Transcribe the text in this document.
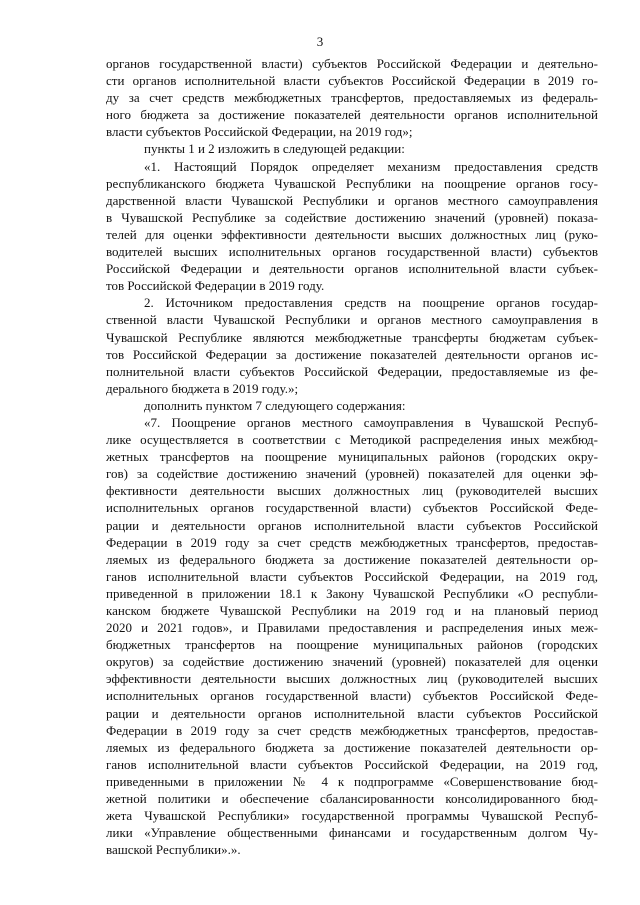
3
органов государственной власти) субъектов Российской Федерации и деятельно-
сти органов исполнительной власти субъектов Российской Федерации в 2019 го-
ду за счет средств межбюджетных трансфертов, предоставляемых из федераль-
ного бюджета за достижение показателей деятельности органов исполнительной
власти субъектов Российской Федерации, на 2019 год»;
пункты 1 и 2 изложить в следующей редакции:
«1. Настоящий Порядок определяет механизм предоставления средств
республиканского бюджета Чувашской Республики на поощрение органов госу-
дарственной власти Чувашской Республики и органов местного самоуправления
в Чувашской Республике за содействие достижению значений (уровней) показа-
телей для оценки эффективности деятельности высших должностных лиц (руко-
водителей высших исполнительных органов государственной власти) субъектов
Российской Федерации и деятельности органов исполнительной власти субъек-
тов Российской Федерации в 2019 году.
2. Источником предоставления средств на поощрение органов государ-
ственной власти Чувашской Республики и органов местного самоуправления в
Чувашской Республике являются межбюджетные трансферты бюджетам субъек-
тов Российской Федерации за достижение показателей деятельности органов ис-
полнительной власти субъектов Российской Федерации, предоставляемые из фе-
дерального бюджета в 2019 году.»;
дополнить пунктом 7 следующего содержания:
«7. Поощрение органов местного самоуправления в Чувашской Респуб-
лике осуществляется в соответствии с Методикой распределения иных межбюд-
жетных трансфертов на поощрение муниципальных районов (городских окру-
гов) за содействие достижению значений (уровней) показателей для оценки эф-
фективности деятельности высших должностных лиц (руководителей высших
исполнительных органов государственной власти) субъектов Российской Феде-
рации и деятельности органов исполнительной власти субъектов Российской
Федерации в 2019 году за счет средств межбюджетных трансфертов, предостав-
ляемых из федерального бюджета за достижение показателей деятельности ор-
ганов исполнительной власти субъектов Российской Федерации, на 2019 год,
приведенной в приложении 18.1 к Закону Чувашской Республики «О республи-
канском бюджете Чувашской Республики на 2019 год и на плановый период
2020 и 2021 годов», и Правилами предоставления и распределения иных меж-
бюджетных трансфертов на поощрение муниципальных районов (городских
округов) за содействие достижению значений (уровней) показателей для оценки
эффективности деятельности высших должностных лиц (руководителей высших
исполнительных органов государственной власти) субъектов Российской Феде-
рации и деятельности органов исполнительной власти субъектов Российской
Федерации в 2019 году за счет средств межбюджетных трансфертов, предостав-
ляемых из федерального бюджета за достижение показателей деятельности ор-
ганов исполнительной власти субъектов Российской Федерации, на 2019 год,
приведенными в приложении № 4 к подпрограмме «Совершенствование бюд-
жетной политики и обеспечение сбалансированности консолидированного бюд-
жета Чувашской Республики» государственной программы Чувашской Респуб-
лики «Управление общественными финансами и государственным долгом Чу-
вашской Республики».».
